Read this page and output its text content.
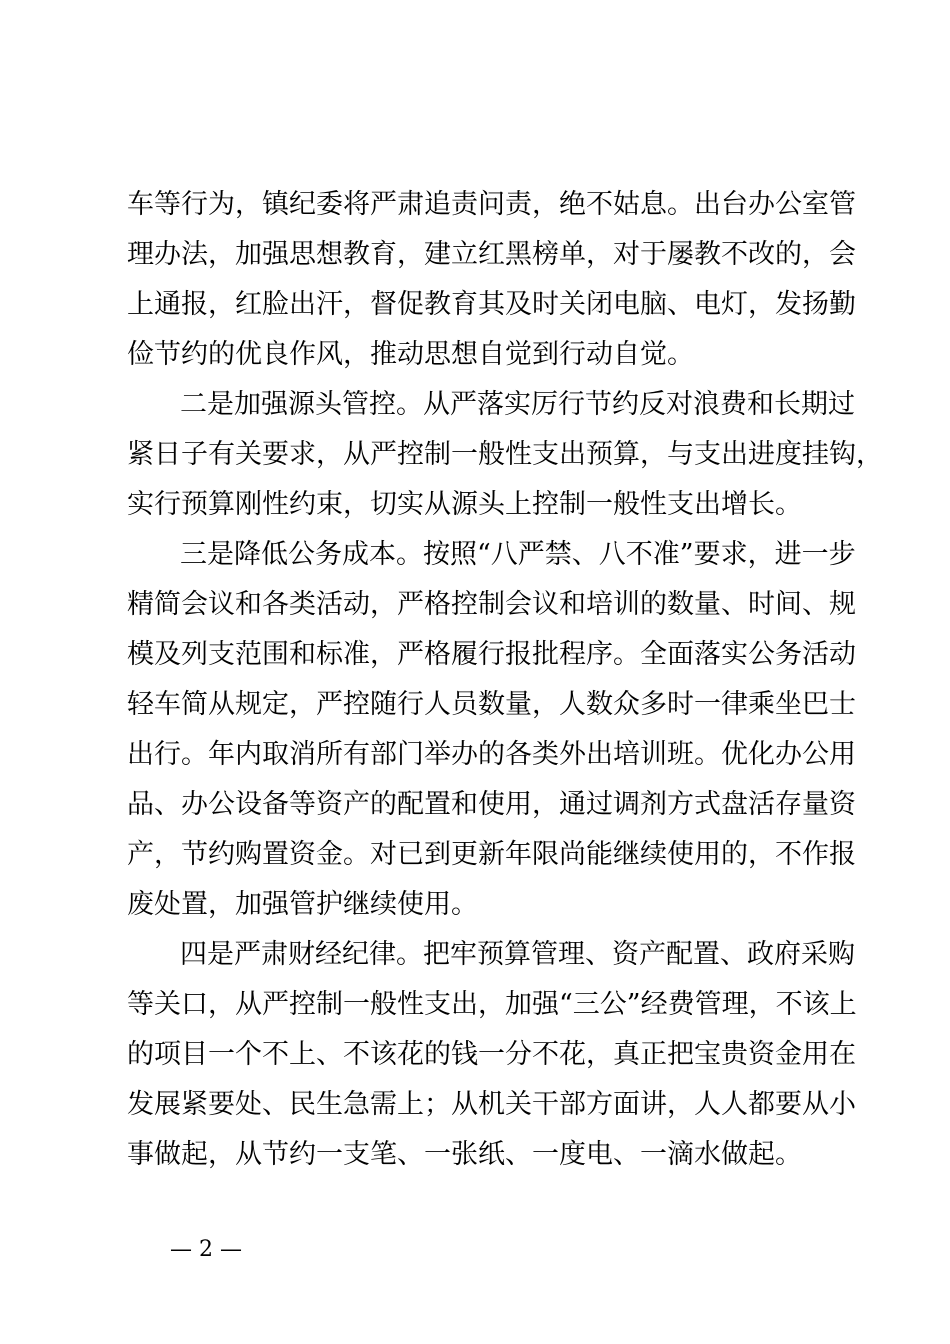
车等行为，镇纪委将严肃追责问责，绝不姑息。出台办公室管

理办法，加强思想教育，建立红黑榜单，对于屡教不改的，会

上通报，红脸出汗，督促教育其及时关闭电脑、电灯，发扬勤

俭节约的优良作风，推动思想自觉到行动自觉。

二是加强源头管控。从严落实厉行节约反对浪费和长期过

紧日子有关要求，从严控制一般性支出预算，与支出进度挂钩，

实行预算刚性约束，切实从源头上控制一般性支出增长。

三是降低公务成本。按照“八严禁、八不准”要求，进一步

精简会议和各类活动，严格控制会议和培训的数量、时间、规

模及列支范围和标准，严格履行报批程序。全面落实公务活动

轻车简从规定，严控随行人员数量，人数众多时一律乘坐巴士

出行。年内取消所有部门举办的各类外出培训班。优化办公用

品、办公设备等资产的配置和使用，通过调剂方式盘活存量资

产，节约购置资金。对已到更新年限尚能继续使用的，不作报

废处置，加强管护继续使用。

四是严肃财经纪律。把牢预算管理、资产配置、政府采购

等关口，从严控制一般性支出，加强“三公”经费管理，不该上

的项目一个不上、不该花的钱一分不花，真正把宝贵资金用在

发展紧要处、民生急需上；从机关干部方面讲，人人都要从小

事做起，从节约一支笔、一张纸、一度电、一滴水做起。

— 2 —
